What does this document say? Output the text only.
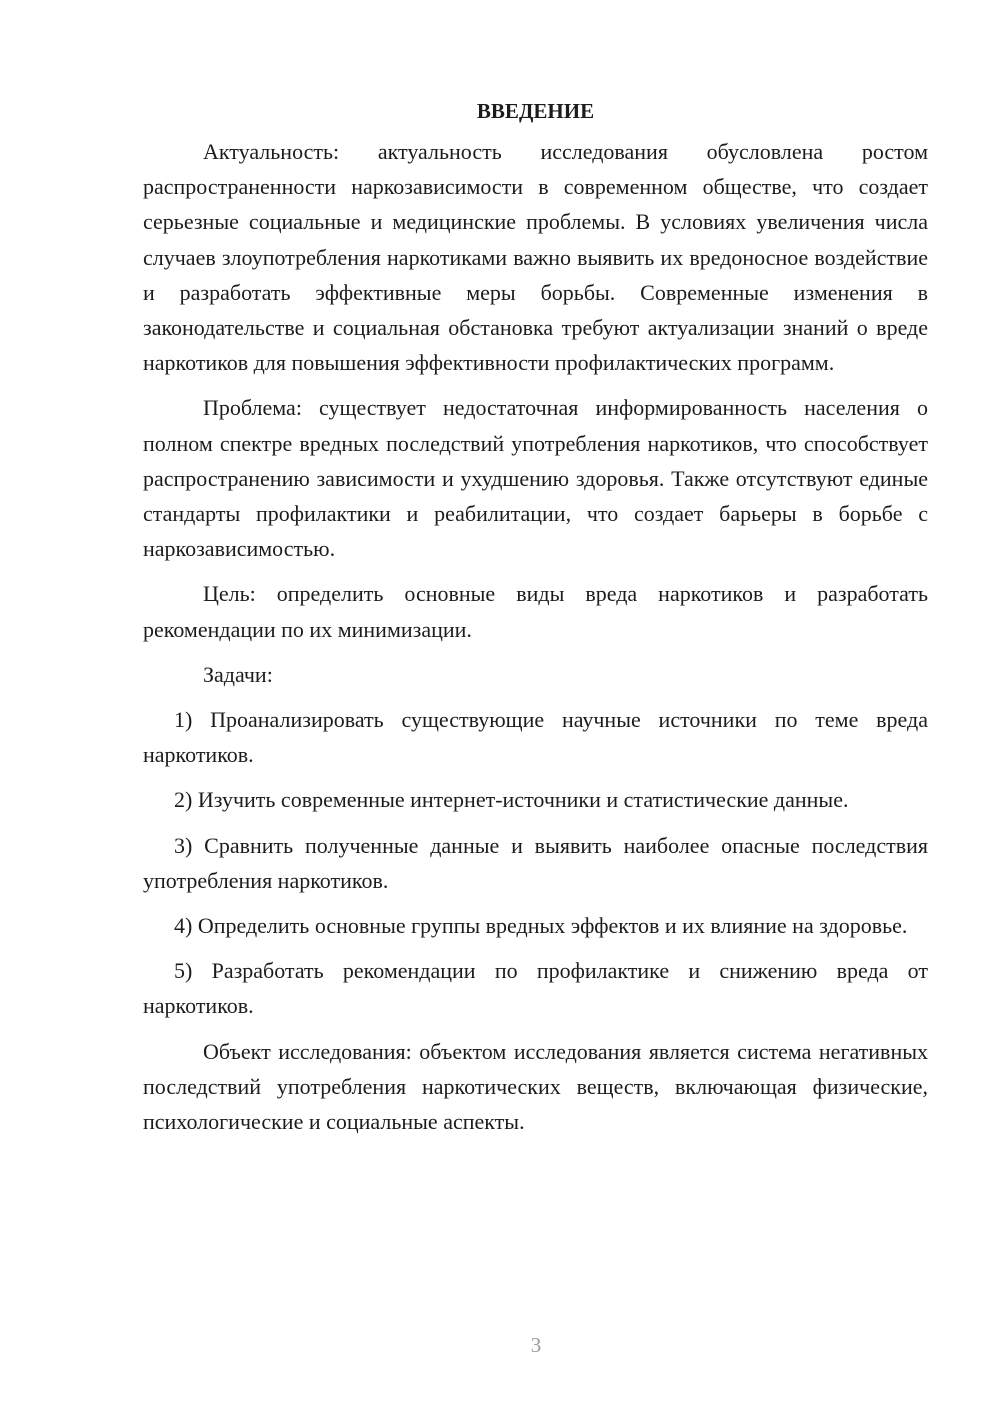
ВВЕДЕНИЕ

Актуальность: актуальность исследования обусловлена ростом распространенности наркозависимости в современном обществе, что создает серьезные социальные и медицинские проблемы. В условиях увеличения числа случаев злоупотребления наркотиками важно выявить их вредоносное воздействие и разработать эффективные меры борьбы. Современные изменения в законодательстве и социальная обстановка требуют актуализации знаний о вреде наркотиков для повышения эффективности профилактических программ.

Проблема: существует недостаточная информированность населения о полном спектре вредных последствий употребления наркотиков, что способствует распространению зависимости и ухудшению здоровья. Также отсутствуют единые стандарты профилактики и реабилитации, что создает барьеры в борьбе с наркозависимостью.

Цель: определить основные виды вреда наркотиков и разработать рекомендации по их минимизации.

Задачи:

1) Проанализировать существующие научные источники по теме вреда наркотиков.

2) Изучить современные интернет-источники и статистические данные.

3) Сравнить полученные данные и выявить наиболее опасные последствия употребления наркотиков.

4) Определить основные группы вредных эффектов и их влияние на здоровье.

5) Разработать рекомендации по профилактике и снижению вреда от наркотиков.

Объект исследования: объектом исследования является система негативных последствий употребления наркотических веществ, включающая физические, психологические и социальные аспекты.

3
